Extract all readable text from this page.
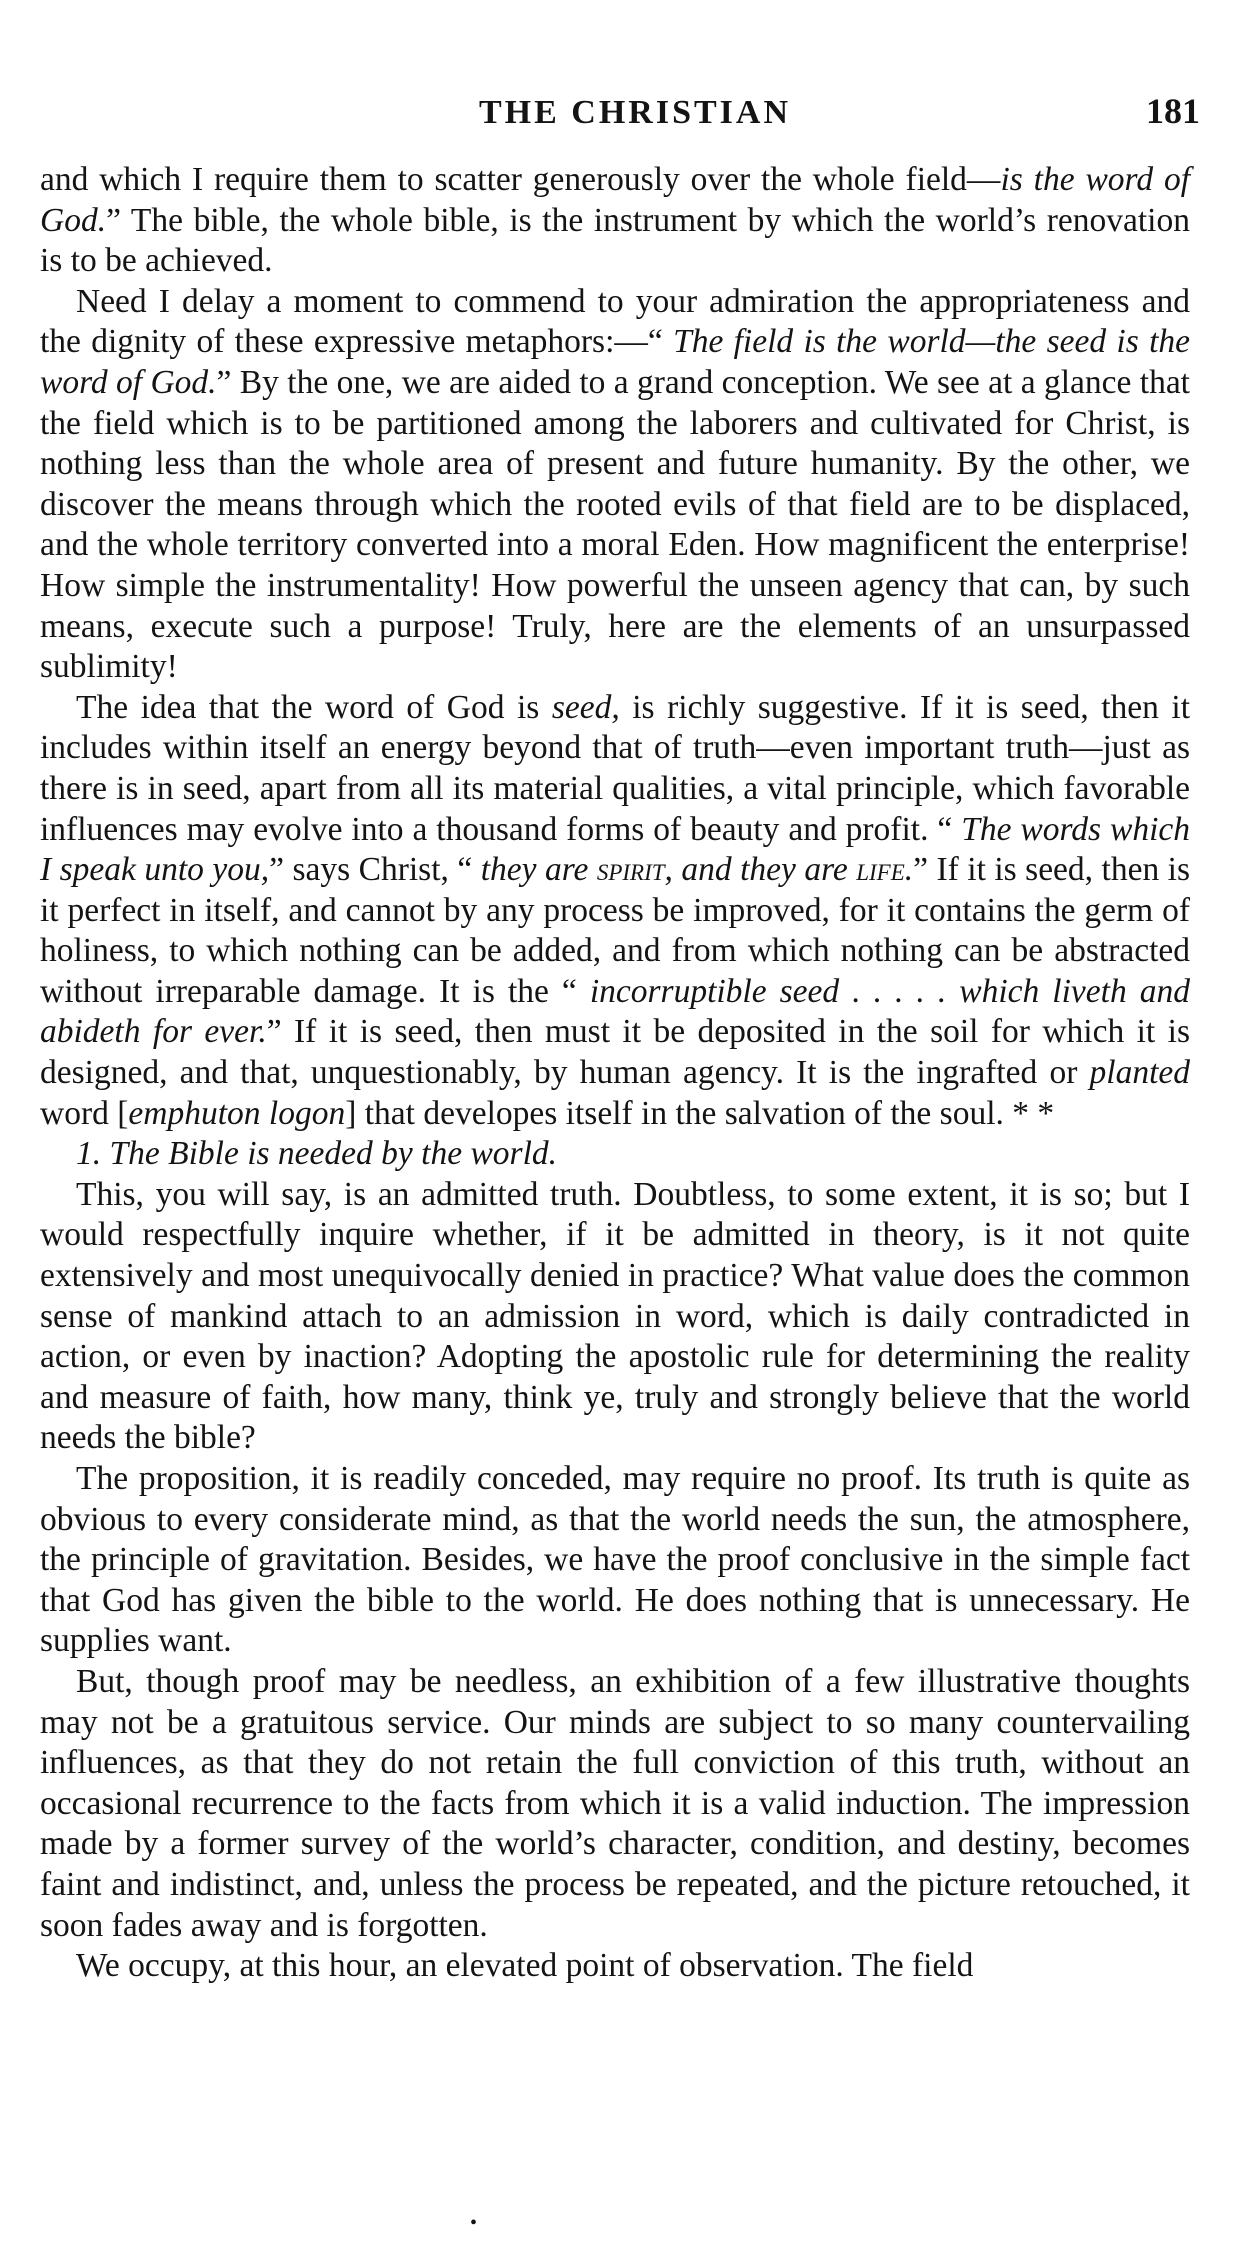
THE CHRISTIAN	181

and which I require them to scatter generously over the whole field—is the word of God.” The bible, the whole bible, is the instrument by which the world’s renovation is to be achieved.

Need I delay a moment to commend to your admiration the appropriateness and the dignity of these expressive metaphors:—“ The field is the world—the seed is the word of God.” By the one, we are aided to a grand conception. We see at a glance that the field which is to be partitioned among the laborers and cultivated for Christ, is nothing less than the whole area of present and future humanity. By the other, we discover the means through which the rooted evils of that field are to be displaced, and the whole territory converted into a moral Eden. How magnificent the enterprise! How simple the instrumentality! How powerful the unseen agency that can, by such means, execute such a purpose! Truly, here are the elements of an unsurpassed sublimity!

The idea that the word of God is seed, is richly suggestive. If it is seed, then it includes within itself an energy beyond that of truth—even important truth—just as there is in seed, apart from all its material qualities, a vital principle, which favorable influences may evolve into a thousand forms of beauty and profit. “ The words which I speak unto you,” says Christ, “ they are spirit, and they are life.” If it is seed, then is it perfect in itself, and cannot by any process be improved, for it contains the germ of holiness, to which nothing can be added, and from which nothing can be abstracted without irreparable damage. It is the “ incorruptible seed . . . . . which liveth and abideth for ever.” If it is seed, then must it be deposited in the soil for which it is designed, and that, unquestionably, by human agency. It is the ingrafted or planted word [emphuton logon] that developes itself in the salvation of the soul. * *

1. The Bible is needed by the world.

This, you will say, is an admitted truth. Doubtless, to some extent, it is so; but I would respectfully inquire whether, if it be admitted in theory, is it not quite extensively and most unequivocally denied in practice? What value does the common sense of mankind attach to an admission in word, which is daily contradicted in action, or even by inaction? Adopting the apostolic rule for determining the reality and measure of faith, how many, think ye, truly and strongly believe that the world needs the bible?

The proposition, it is readily conceded, may require no proof. Its truth is quite as obvious to every considerate mind, as that the world needs the sun, the atmosphere, the principle of gravitation. Besides, we have the proof conclusive in the simple fact that God has given the bible to the world. He does nothing that is unnecessary. He supplies want.

But, though proof may be needless, an exhibition of a few illustrative thoughts may not be a gratuitous service. Our minds are subject to so many countervailing influences, as that they do not retain the full conviction of this truth, without an occasional recurrence to the facts from which it is a valid induction. The impression made by a former survey of the world’s character, condition, and destiny, becomes faint and indistinct, and, unless the process be repeated, and the picture retouched, it soon fades away and is forgotten.

We occupy, at this hour, an elevated point of observation. The field

•
